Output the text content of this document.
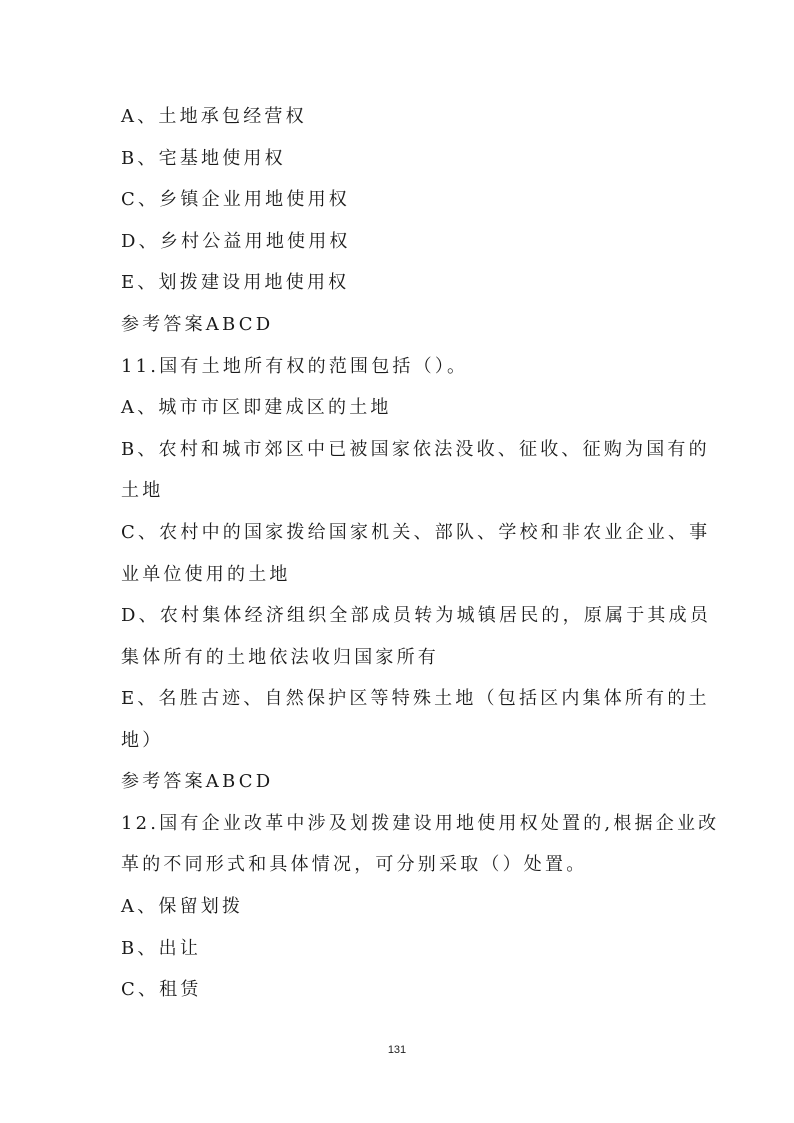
A、土地承包经营权
B、宅基地使用权
C、乡镇企业用地使用权
D、乡村公益用地使用权
E、划拨建设用地使用权
参考答案ABCD
11.国有土地所有权的范围包括（）。
A、城市市区即建成区的土地
B、农村和城市郊区中已被国家依法没收、征收、征购为国有的
土地
C、农村中的国家拨给国家机关、部队、学校和非农业企业、事
业单位使用的土地
D、农村集体经济组织全部成员转为城镇居民的，原属于其成员
集体所有的土地依法收归国家所有
E、名胜古迹、自然保护区等特殊土地（包括区内集体所有的土
地）
参考答案ABCD
12.国有企业改革中涉及划拨建设用地使用权处置的,根据企业改
革的不同形式和具体情况，可分别采取（）处置。
A、保留划拨
B、出让
C、租赁
131
